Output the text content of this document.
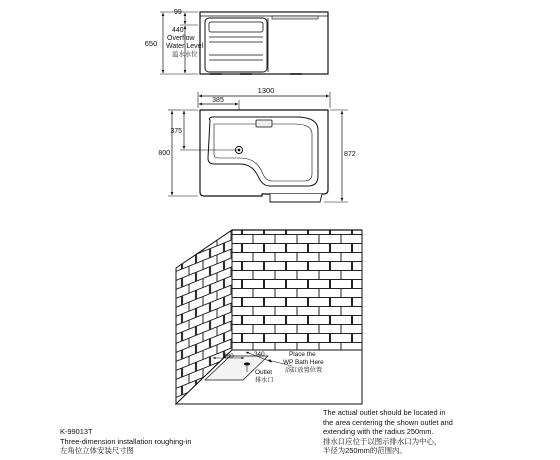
650
99
440
Overflow
Water Level
溢水水位
1300
385
375
800	872
380	340
Outlet
排水口
Place the
WP Bath Here
浴缸放置位置
K-99013T
Three-dimension installation roughing-in
左角位立体安装尺寸图
The actual outlet should be located in
the area centering the shown outlet and
extending with the radius 250mm.
排水口应位于以图示排水口为中心，
半径为250mm的范围内。
